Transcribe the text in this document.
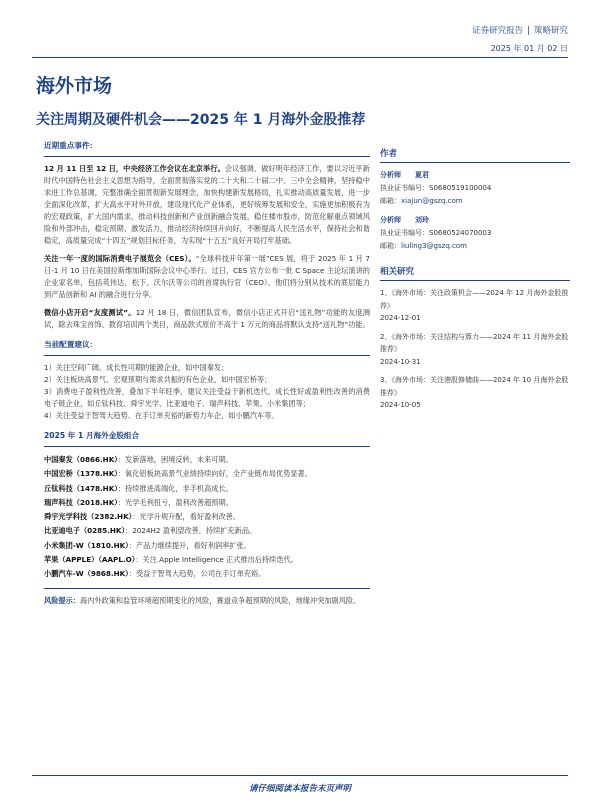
证券研究报告 | 策略研究
2025 年 01 月 02 日
海外市场
关注周期及硬件机会——2025 年 1 月海外金股推荐
近期重点事件：
12 月 11 日至 12 日，中央经济工作会议在北京举行。会议强调，做好明年经济工作，要以习近平新时代中国特色社会主义思想为指导，全面贯彻落实党的二十大和二十届二中、三中全会精神，坚持稳中求进工作总基调，完整准确全面贯彻新发展理念，加快构建新发展格局，扎实推动高质量发展，进一步全面深化改革，扩大高水平对外开放，建设现代化产业体系，更好统筹发展和安全，实施更加积极有为的宏观政策，扩大国内需求，推动科技创新和产业创新融合发展，稳住楼市股市，防范化解重点领域风险和外部冲击，稳定预期、激发活力，推动经济持续回升向好，不断提高人民生活水平，保持社会和谐稳定，高质量完成“十四五”规划目标任务，为实现“十五五”良好开局打牢基础。
关注一年一度的国际消费电子展览会（CES）。“全球科技开年第一展”CES 展，将于 2025 年 1 月 7 日-1 月 10 日在美国拉斯维加斯国际会议中心举行。过日，CES 官方公布一批 C Space 主论坛演讲的企业家名单，包括英伟达、松下、沃尔沃等公司的首席执行官（CEO），他们将分别从技术的底层能力到产品创新和 AI 的融合进行分享。
微信小店开启“友度测试”。12 月 18 日，微信团队宣布，微信小店正式开启“送礼物”功能的友度测试，除去珠宝首饰、教育培训两个类目，商品款式原价不高于 1 万元的商品将默认支持“送礼物”功能。
当前配置建议：

1）关注空间广阔、成长性可期的能源企业，如中国秦发；

2）关注板块高景气、宏观预期与需求共振的有色企业，如中国宏桥等；

3）消费电子盈利性改善，叠加下半年旺季，建议关注受益于新机迭代、成长性好或盈利性改善的消费电子链企业，如丘钛科技、舜宇光学、比亚迪电子、瑞声科技、苹果、小米集团等；

4）关注受益于智驾大趋势、在手订单充裕的新势力车企，如小鹏汽车等。

2025 年 1 月海外金股组合
中国秦发（0866.HK）：发新落地，困境反转，未来可期。
中国宏桥（1378.HK）：氧化铝板块高景气业绩持续向好，全产业链布局优势显著。
丘钛科技（1478.HK）：持续推进高端化，非手机高成长。
瑞声科技（2018.HK）：光学毛利扭亏，盈利改善超预期。
舜宇光学科技（2382.HK）：光学升规升配，看好盈利改善。
比亚迪电子（0285.HK）：2024H2 盈利望改善，持续扩充新品。
小米集团-W（1810.HK）：产品力继续提升，看好利润率扩张。
苹果（APPLE）（AAPL.O）：关注 Apple Intelligence 正式推出后持续迭代。
小鹏汽车-W（9868.HK）：受益于智驾大趋势，公司在手订单充裕。
风险提示：海内外政策和监管环境超预期变化的风险，赛道竞争超预期的风险，地缘冲突加剧风险。
作者
分析师 夏君
执业证书编号：S0680519100004
邮箱：xiajun@gszq.com
分析师 刘玲
执业证书编号：S0680524070003
邮箱：liuling3@gszq.com
相关研究
1、《海外市场：关注政策机会——2024 年 12 月海外金股推荐》
2024-12-01
2、《海外市场：关注结构与算力——2024 年 11 月海外金股推荐》
2024-10-31
3、《海外市场：关注港股修储曲——2024 年 10 月海外金股推荐》
2024-10-05
请仔细阅读本报告末页声明
